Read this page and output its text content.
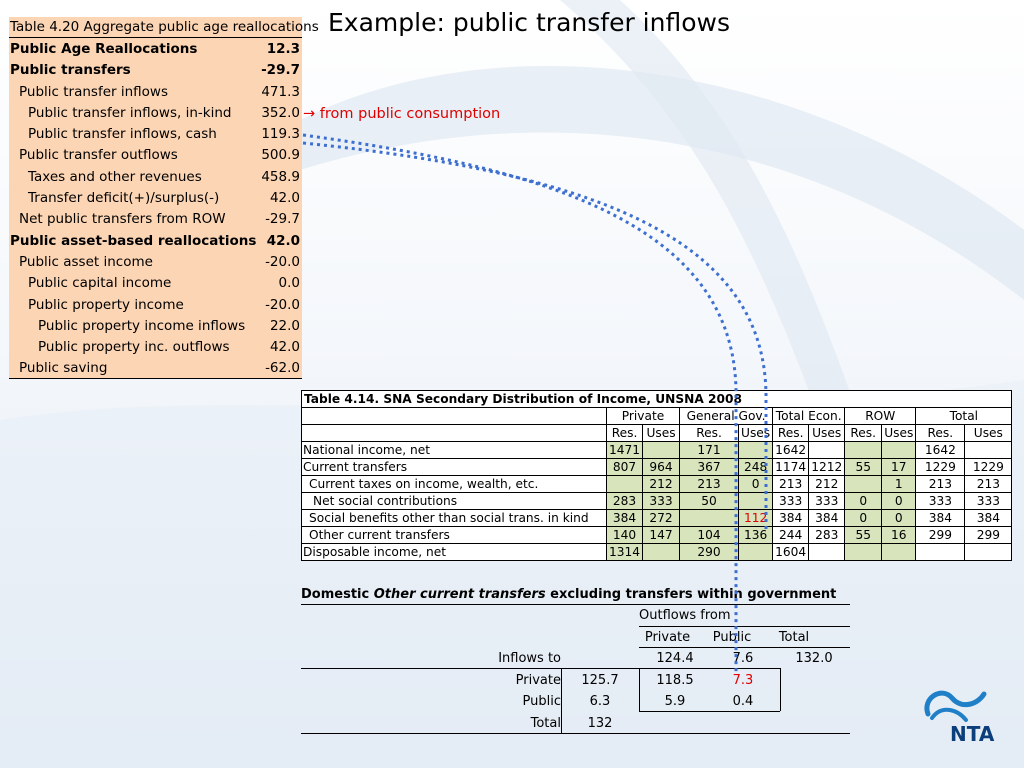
Table 4.20 Aggregate public age reallocations
Public Age Reallocations	12.3
Public transfers	-29.7
Public transfer inflows	471.3
Public transfer inflows, in-kind 352.0
Public transfer inflows, cash	119.3
Public transfer outflows	500.9
Taxes and other revenues	458.9
Transfer deficit(+)/surplus(-)	42.0
Net public transfers from ROW	-29.7
Public asset-based reallocations 42.0
Public asset income	-20.0
Public capital income	0.0
Public property income	-20.0
Public property income inflows 22.0
Public property inc. outflows	42.0
Public saving	-62.0
Example: public transfer inflows
→ from public consumption
Table 4.14. SNA Secondary Distribution of Income, UNSNA 2008										
	Private		General Gov.		Total Econ.		ROW		Total	
	Res.	Uses	Res.	Uses	Res.	Uses	Res.	Uses	Res.	Uses
National income, net	1471		171		1642				1642	
Current transfers	807	964	367	248	1174	1212	55	17	1229	1229
Current taxes on income, wealth, etc.		212	213	0	213	212		1	213	213
Net social contributions	283	333	50		333	333	0	0	333	333
Social benefits other than social trans. in kind	384	272		112	384	384	0	0	384	384
Other current transfers	140	147	104	136	244	283	55	16	299	299
Disposable income, net	1314		290		1604					
Domestic Other current transfers excluding transfers within government
Outflows from
Private	Public	Total
Inflows to	124.4	7.6	132.0
Private	125.7	118.5	7.3
Public	6.3	5.9	0.4
Total	132	NTA
